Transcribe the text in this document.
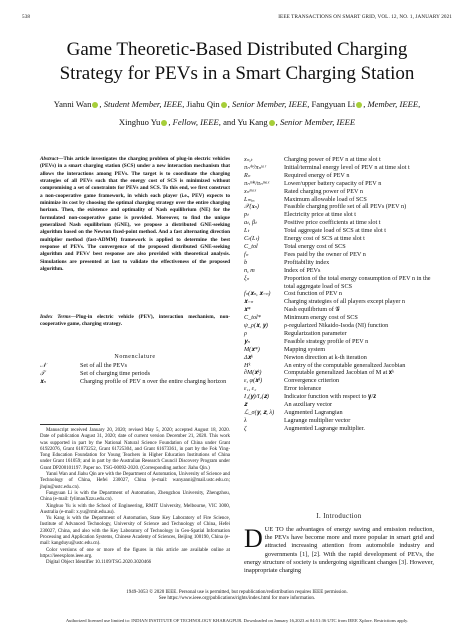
538	IEEE TRANSACTIONS ON SMART GRID, VOL. 12, NO. 1, JANUARY 2021
Game Theoretic-Based Distributed Charging
Strategy for PEVs in a Smart Charging Station
Yanni Wan , Student Member, IEEE, Jiahu Qin , Senior Member, IEEE, Fangyuan Li , Member, IEEE,
Xinghuo Yu , Fellow, IEEE, and Yu Kang , Senior Member, IEEE
Abstract—This article investigates the charging problem of plug-in electric vehicles (PEVs) in a smart charging station (SCS) under a new interaction mechanism that allows the interactions among PEVs. The target is to coordinate the charging strategies of all PEVs such that the energy cost of SCS is minimized without compromising a set of constraints for PEVs and SCS. To this end, we first construct a non-cooperative game framework, in which each player (i.e., PEV) expects to minimize its cost by choosing the optimal charging strategy over the entire charging horizon. Then, the existence and optimality of Nash equilibrium (NE) for the formulated non-cooperative game is provided. Moreover, to find the unique generalized Nash equilibrium (GNE), we propose a distributed GNE-seeking algorithm based on the Newton fixed-point method. And a fast alternating direction multiplier method (fast-ADMM) framework is applied to determine the best response of PEVs. The convergence of the proposed distributed GNE-seeking algorithm and PEVs' best response are also provided with theoretical analysis. Simulations are presented at last to validate the effectiveness of the proposed algorithm.
Index Terms—Plug-in electric vehicle (PEV), interaction mechanism, non-cooperative game, charging strategy.
Nomenclature
𝒩	Set of all the PEVs
𝒯	Set of charging time periods
𝐱ₙ	Charging profile of PEV n over the entire charging horizon

Manuscript received January 20, 2020; revised May 5, 2020; accepted August 18, 2020. Date of publication August 31, 2020; date of current version December 21, 2020. This work was supported in part by the National Natural Science Foundation of China under Grant 61922076, Grant 61873252, Grant 61725304, and Grant 61673361, in part by the Fok Ying-Tong Education Foundation for Young Teachers in Higher Education Institutions of China under Grant 161059; and in part by the Australian Research Council Discovery Program under Grant DP200101197. Paper no. TSG-00092-2020. (Corresponding author: Jiahu Qin.)

Yanni Wan and Jiahu Qin are with the Department of Automation, University of Science and Technology of China, Hefei 230027, China (e-mail: wanyanni@mail.ustc.edu.cn; jhqin@ustc.edu.cn).

Fangyuan Li is with the Department of Automation, Zhengzhou University, Zhengzhou, China (e-mail: fylimaoXzzu.edu.cn).

Xinghuo Yu is with the School of Engineering, RMIT University, Melbourne, VIC 3000, Australia (e-mail: x.yu@rmit.edu.au).

Yu Kang is with the Department of Automation, State Key Laboratory of Fire Science, Institute of Advanced Technology, University of Science and Technology of China, Hefei 230027, China, and also with the Key Laboratory of Technology in Geo-Spatial Information Processing and Application Systems, Chinese Academy of Sciences, Beijing 100190, China (e-mail: kangduyu@ustc.edu.cn).

Color versions of one or more of the figures in this article are available online at https://ieeexplore.ieee.org.

Digital Object Identifier 10.1109/TSG.2020.3020466

xₙ,ₜ	Charging power of PEV n at time slot t
πₙⁱⁿⁱ/πₙᵗᵃʳ	Initial/terminal energy level of PEV n at time slot t
Rₙ	Required energy of PEV n
πₙᵐⁱⁿ/πₙᵐᵃˣ	Lower/upper battery capacity of PEV n
xₙᵐᵃˣ	Rated charging power of PEV n
Lₘₐₓ	Maximum allowable load of SCS
𝒳(𝐱ₙ)	Feasible charging profile set of all PEVs (PEV n)
pₜ	Electricity price at time slot t
aₜ, βₜ	Positive price coefficients at time slot t
Lₜ	Total aggregate load of SCS at time slot t
Cₜ(Lₜ)	Energy cost of SCS at time slot t
C_tol	Total energy cost of SCS
fₙ	Fees paid by the owner of PEV n
b	Profitability index
n, m	Index of PEVs
ξₙ	Proportion of the total energy consumption of PEV n in the total aggregate load of SCS
fₙ(𝐱ₙ, 𝐱₋ₙ)	Cost function of PEV n
𝐱₋ₙ	Charging strategies of all players except player n
𝐱*	Nash equilibrium of 𝒢
C_tol*	Minimum energy cost of SCS
ψ_ρ(𝐱, 𝐲)	ρ-regularized Nikaido-Isoda (NI) function
ρ	Regularization parameter
𝐲ₙ	Feasible strategy profile of PEV n
M(𝐱*)	Mapping system
Δ𝐱ᵏ	Newton direction at k-th iteration
Hᵏ	An entry of the computable generalized Jacobian
∂M(𝐱ᵏ)	Computable generalized Jacobian of M at 𝐱ᵏ
ε, φ(𝐱ᵏ)	Convergence criterion
ε₁, ε₂	Error tolerance
I₁(𝐲)/I₂(𝐳)	Indicator function with respect to 𝐲/𝐳
𝐳	An auxiliary vector
ℒ_σ(𝐲, 𝐳, λ)	Augmented Lagrangian
λ	Lagrange multiplier vector
ζ	Augmented Lagrange multiplier.
I. Introduction
DUE TO the advantages of energy saving and emission reduction, the PEVs have become more and more popular in smart grid and attracted increasing attention from automobile industry and governments [1], [2]. With the rapid development of PEVs, the energy structure of society is undergoing significant changes [3]. However, inappropriate charging
1949-3053 © 2020 IEEE. Personal use is permitted, but republication/redistribution requires IEEE permission.
See https://www.ieee.org/publications/rights/index.html for more information.
Authorized licensed use limited to: INDIAN INSTITUTE OF TECHNOLOGY KHARAGPUR. Downloaded on January 16,2023 at 04:51:36 UTC from IEEE Xplore. Restrictions apply.
